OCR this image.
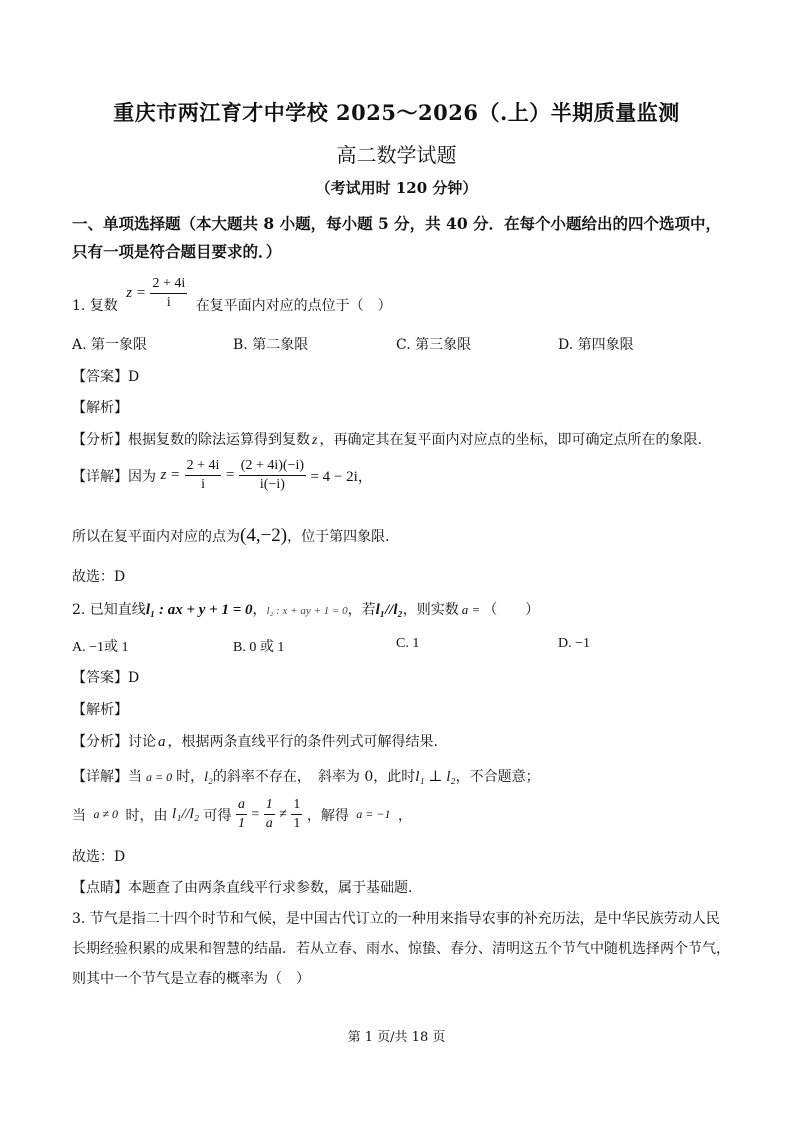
重庆市两江育才中学校 2025～2026（.上）半期质量监测
高二数学试题
（考试用时 120 分钟）
一、单项选择题（本大题共 8 小题，每小题 5 分，共 40 分．在每个小题给出的四个选项中，
只有一项是符合题目要求的．）
1. 复数 $z = \frac{2 + 4i}{i}$ 在复平面内对应的点位于（　）
A. 第一象限	B. 第二象限	C. 第三象限	D. 第四象限
【答案】D
【解析】
【分析】根据复数的除法运算得到复数 z ，再确定其在复平面内对应点的坐标，即可确定点所在的象限．
【详解】因为 $z = \frac{2 + 4i}{i} = \frac{(2 + 4i)(-i)}{i(-i)} = 4 - 2i$，
所以在复平面内对应的点为(4,−2)，位于第四象限．
故选：D
2. 已知直线l₁ : ax + y + 1 = 0，l₂ : x + ay + 1 = 0，若l₁//l₂，则实数 a = （　　）
A. −1或 1	B. 0 或 1	C. 1	D. −1
【答案】D
【解析】
【分析】讨论 a ，根据两条直线平行的条件列式可解得结果．
【详解】当 a = 0 时，l₂的斜率不存在，　斜率为 0，此时l₁ ⊥ l₂，不合题意；
当 a ≠ 0 时，由 l₁//l₂ 可得 $\frac{a}{1} = \frac{1}{a} \ne \frac{1}{1}$ ，解得 a = −1 ，
故选：D
【点睛】本题查了由两条直线平行求参数，属于基础题．
3. 节气是指二十四个时节和气候，是中国古代订立的一种用来指导农事的补充历法，是中华民族劳动人民
长期经验积累的成果和智慧的结晶．若从立春、雨水、惊蛰、春分、清明这五个节气中随机选择两个节气，
则其中一个节气是立春的概率为（　）
第 1 页/共 18 页
